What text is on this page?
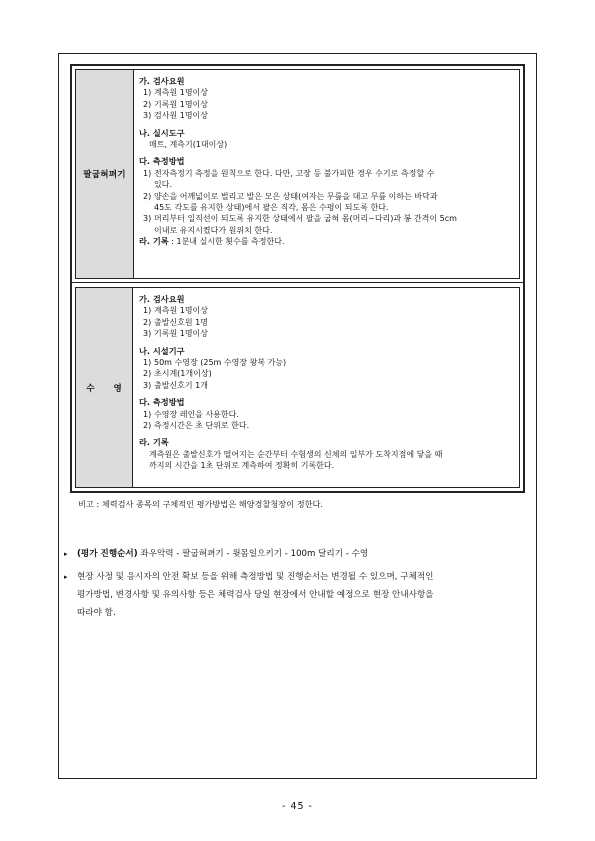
팔굽혀펴기
가. 검사요원
1) 계측원 1명이상
2) 기록원 1명이상
3) 검사원 1명이상
나. 실시도구
매트, 계측기(1대이상)
다. 측정방법
1) 전자측정기 측정을 원칙으로 한다. 다만, 고장 등 불가피한 경우 수기로 측정할 수
있다.
2) 양손을 어깨넓이로 벌리고 발은 모은 상태(여자는 무릎을 대고 무릎 이하는 바닥과
45도 각도를 유지한 상태)에서 팔은 직각, 몸은 수평이 되도록 한다.
3) 머리부터 일직선이 되도록 유지한 상태에서 팔을 굽혀 몸(머리~다리)과 봉 간격이 5cm
이내로 유지시켰다가 원위치 한다.
라. 기록 : 1분내 실시한 횟수를 측정한다.
수 영
가. 검사요원
1) 계측원 1명이상
2) 출발신호원 1명
3) 기록원 1명이상
나. 시설기구
1) 50m 수영장 (25m 수영장 왕복 가능)
2) 초시계(1개이상)
3) 출발신호기 1개
다. 측정방법
1) 수영장 레인을 사용한다.
2) 측정시간은 초 단위로 한다.
라. 기록
계측원은 출발신호가 떨어지는 순간부터 수험생의 신체의 일부가 도착지점에 닿을 때
까지의 시간을 1초 단위로 계측하여 정확히 기록한다.
비고 : 체력검사 종목의 구체적인 평가방법은 해양경찰청장이 정한다.
▸ (평가 진행순서) 좌우악력 - 팔굽혀펴기 - 윗몸일으키기 - 100m 달리기 - 수영
▸ 현장 사정 및 응시자의 안전 확보 등을 위해 측정방법 및 진행순서는 변경될 수 있으며, 구체적인
평가방법, 변경사항 및 유의사항 등은 체력검사 당일 현장에서 안내할 예정으로 현장 안내사항을
따라야 함.
- 45 -
